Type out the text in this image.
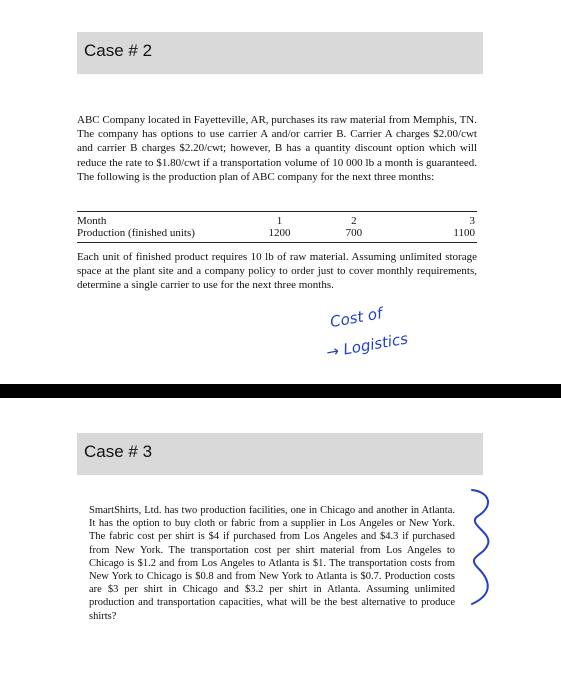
Case # 2

ABC Company located in Fayetteville, AR, purchases its raw material from Memphis, TN. The company has options to use carrier A and/or carrier B. Carrier A charges $2.00/cwt and carrier B charges $2.20/cwt; however, B has a quantity discount option which will reduce the rate to $1.80/cwt if a transportation volume of 10 000 lb a month is guaranteed. The following is the production plan of ABC company for the next three months:

Month	1	2	3
Production (finished units)	1200	700	1100

Each unit of finished product requires 10 lb of raw material. Assuming unlimited storage space at the plant site and a company policy to order just to cover monthly requirements, determine a single carrier to use for the next three months.

Cost of
→ Logistics
Case # 3

SmartShirts, Ltd. has two production facilities, one in Chicago and another in Atlanta. It has the option to buy cloth or fabric from a supplier in Los Angeles or New York. The fabric cost per shirt is $4 if purchased from Los Angeles and $4.3 if purchased from New York. The transportation cost per shirt material from Los Angeles to Chicago is $1.2 and from Los Angeles to Atlanta is $1. The transportation costs from New York to Chicago is $0.8 and from New York to Atlanta is $0.7. Production costs are $3 per shirt in Chicago and $3.2 per shirt in Atlanta. Assuming unlimited production and transportation capacities, what will be the best alternative to produce shirts?
